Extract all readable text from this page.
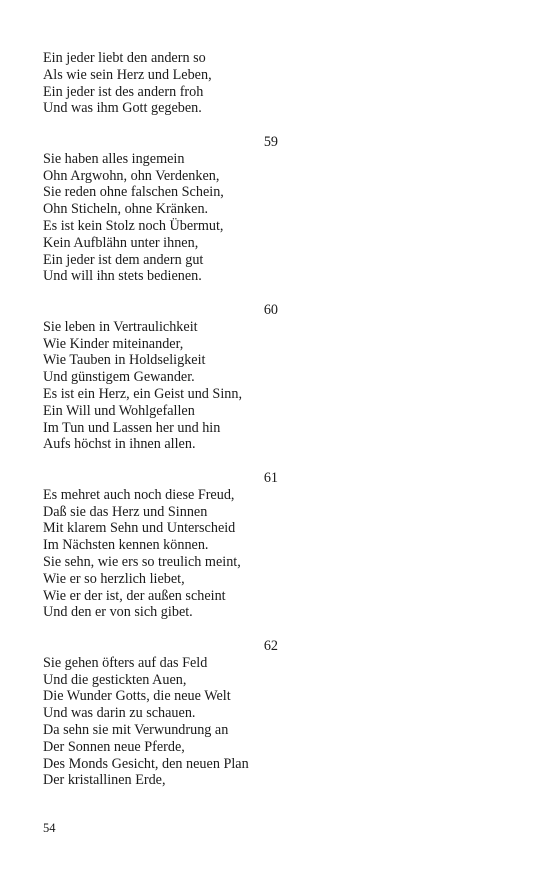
Ein jeder liebt den andern so
Als wie sein Herz und Leben,
Ein jeder ist des andern froh
Und was ihm Gott gegeben.
59
Sie haben alles ingemein
Ohn Argwohn, ohn Verdenken,
Sie reden ohne falschen Schein,
Ohn Sticheln, ohne Kränken.
Es ist kein Stolz noch Übermut,
Kein Aufblähn unter ihnen,
Ein jeder ist dem andern gut
Und will ihn stets bedienen.
60
Sie leben in Vertraulichkeit
Wie Kinder miteinander,
Wie Tauben in Holdseligkeit
Und günstigem Gewander.
Es ist ein Herz, ein Geist und Sinn,
Ein Will und Wohlgefallen
Im Tun und Lassen her und hin
Aufs höchst in ihnen allen.
61
Es mehret auch noch diese Freud,
Daß sie das Herz und Sinnen
Mit klarem Sehn und Unterscheid
Im Nächsten kennen können.
Sie sehn, wie ers so treulich meint,
Wie er so herzlich liebet,
Wie er der ist, der außen scheint
Und den er von sich gibet.
62
Sie gehen öfters auf das Feld
Und die gestickten Auen,
Die Wunder Gotts, die neue Welt
Und was darin zu schauen.
Da sehn sie mit Verwundrung an
Der Sonnen neue Pferde,
Des Monds Gesicht, den neuen Plan
Der kristallinen Erde,
54
